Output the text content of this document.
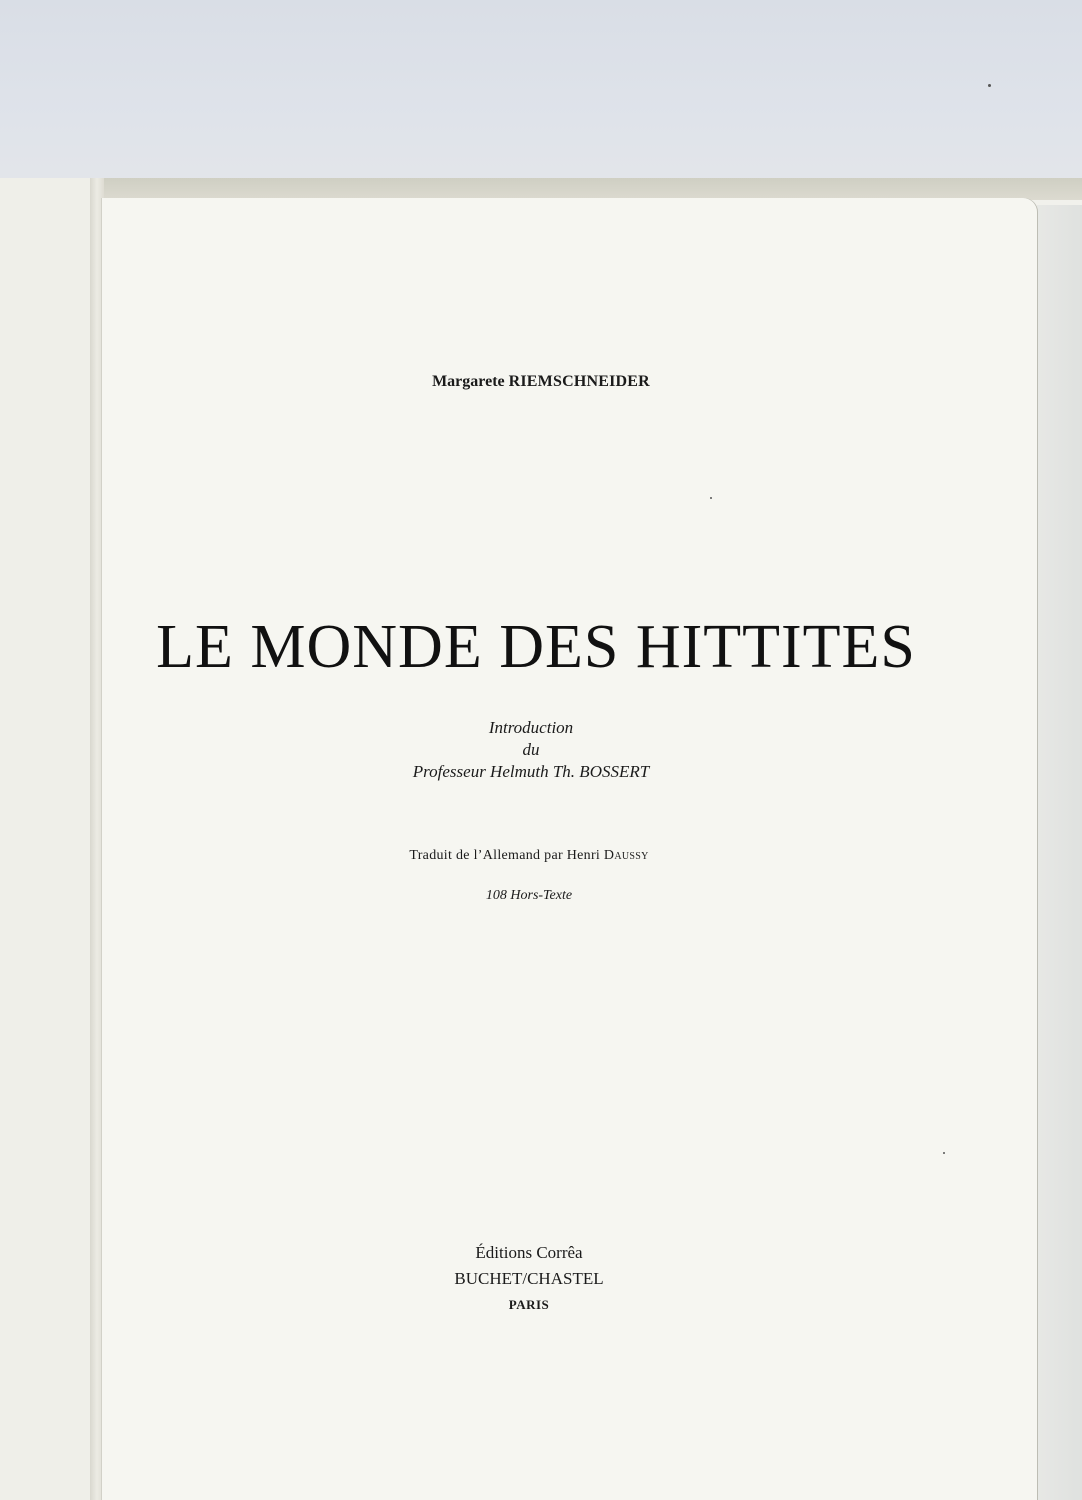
Margarete RIEMSCHNEIDER

LE MONDE DES HITTITES
Introduction
du
Professeur Helmuth Th. BOSSERT

Traduit de l’Allemand par Henri Daussy

108 Hors-Texte

Éditions Corrêa
BUCHET/CHASTEL
PARIS
